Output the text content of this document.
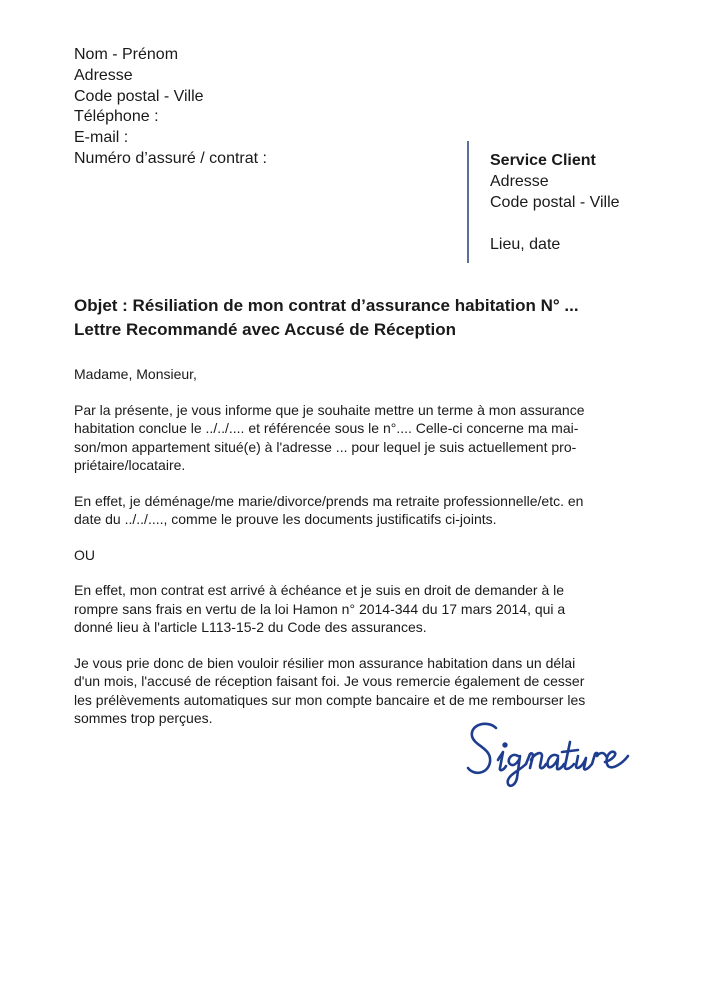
Nom - Prénom
Adresse
Code postal - Ville
Téléphone :
E-mail :
Numéro d’assuré / contrat :	Service Client
Adresse
Code postal - Ville
Lieu, date
Objet : Résiliation de mon contrat d’assurance habitation N° ...
Lettre Recommandé avec Accusé de Réception

Madame, Monsieur,

Par la présente, je vous informe que je souhaite mettre un terme à mon assurance
habitation conclue le ../../.... et référencée sous le n°.... Celle-ci concerne ma mai-
son/mon appartement situé(e) à l'adresse ... pour lequel je suis actuellement pro-
priétaire/locataire.

En effet, je déménage/me marie/divorce/prends ma retraite professionnelle/etc. en
date du ../../...., comme le prouve les documents justificatifs ci-joints.

OU

En effet, mon contrat est arrivé à échéance et je suis en droit de demander à le
rompre sans frais en vertu de la loi Hamon n° 2014-344 du 17 mars 2014, qui a
donné lieu à l'article L113-15-2 du Code des assurances.

Je vous prie donc de bien vouloir résilier mon assurance habitation dans un délai
d'un mois, l'accusé de réception faisant foi. Je vous remercie également de cesser
les prélèvements automatiques sur mon compte bancaire et de me rembourser les
sommes trop perçues.
